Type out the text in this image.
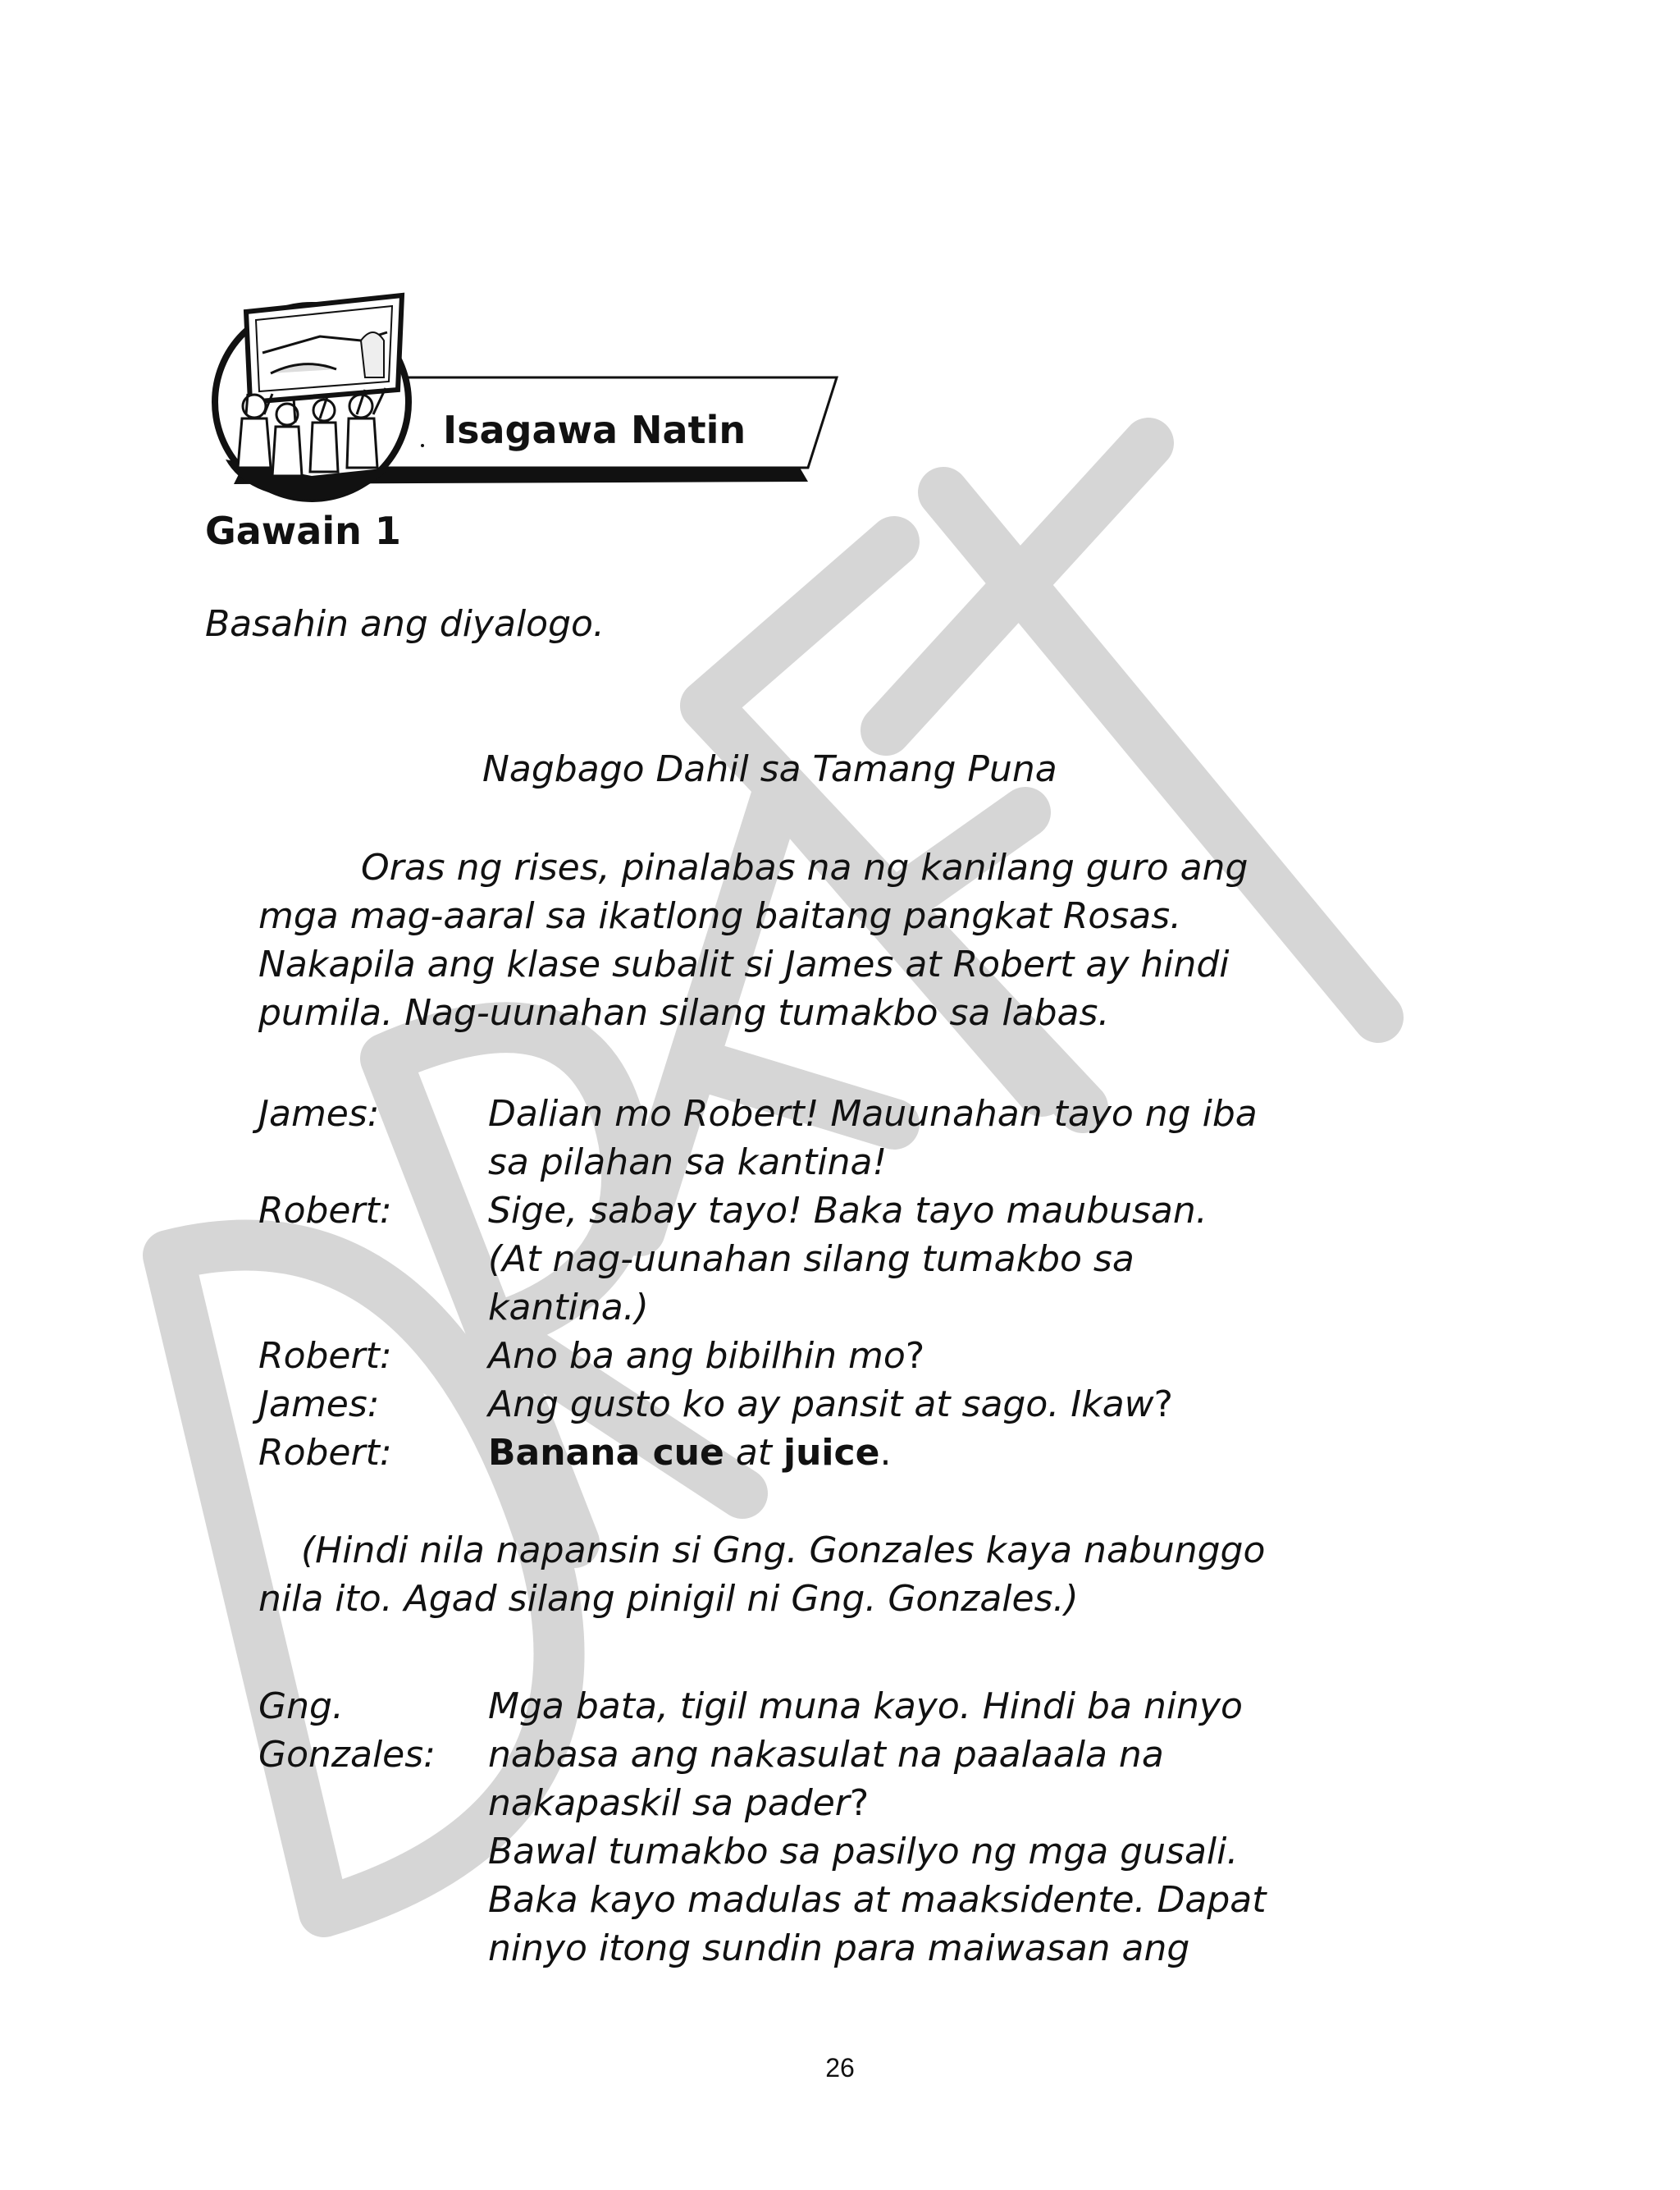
Isagawa Natin
Gawain 1
Basahin ang diyalogo.
Nagbago Dahil sa Tamang Puna
Oras ng rises, pinalabas na ng kanilang guro ang
mga mag-aaral sa ikatlong baitang pangkat Rosas.
Nakapila ang klase subalit si James at Robert ay hindi
pumila. Nag-uunahan silang tumakbo sa labas.
James:	Dalian mo Robert! Mauunahan tayo ng iba
sa pilahan sa kantina!
Robert:	Sige, sabay tayo! Baka tayo maubusan.
(At nag-uunahan silang tumakbo sa
kantina.)
Robert:	Ano ba ang bibilhin mo?
James:	Ang gusto ko ay pansit at sago. Ikaw?
Robert:	Banana cue at juice.
(Hindi nila napansin si Gng. Gonzales kaya nabunggo
nila ito. Agad silang pinigil ni Gng. Gonzales.)
Gng.	Mga bata, tigil muna kayo. Hindi ba ninyo
Gonzales:	nabasa ang nakasulat na paalaala na
nakapaskil sa pader?
Bawal tumakbo sa pasilyo ng mga gusali.
Baka kayo madulas at maaksidente. Dapat
ninyo itong sundin para maiwasan ang
26
